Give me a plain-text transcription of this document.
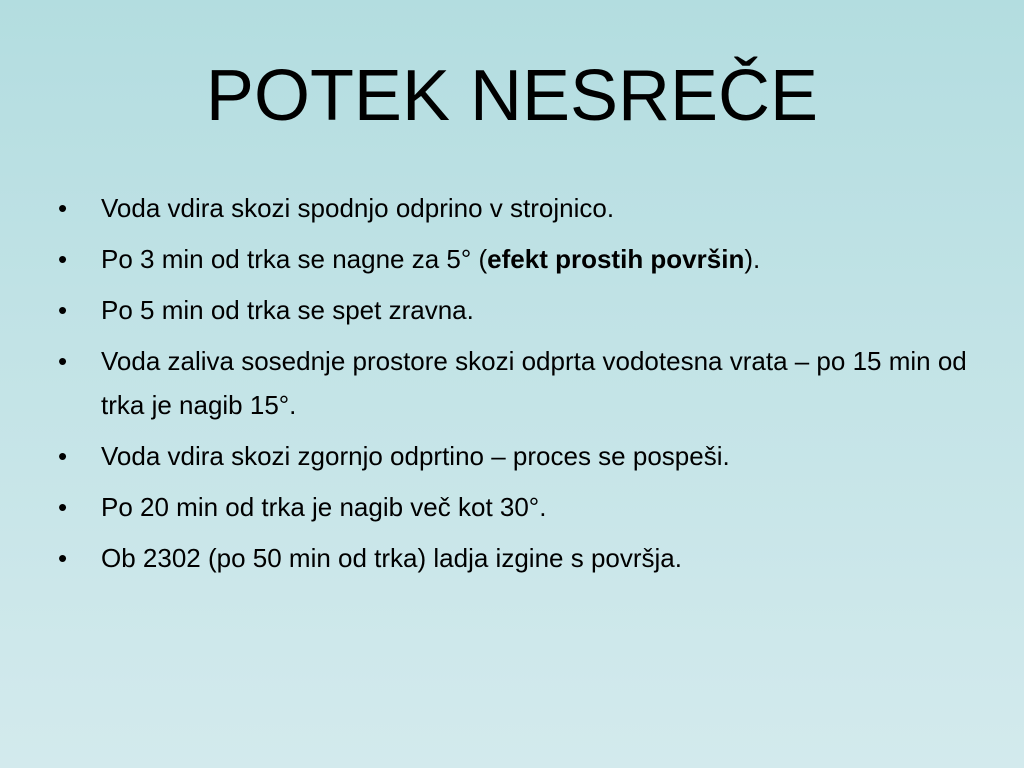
POTEK NESREČE
•	Voda vdira skozi spodnjo odprino v strojnico.
•	Po 3 min od trka se nagne za 5° (efekt prostih površin).
•	Po 5 min od trka se spet zravna.
•	Voda zaliva sosednje prostore skozi odprta vodotesna vrata – po 15 min od trka je nagib 15°.
•	Voda vdira skozi zgornjo odprtino – proces se pospeši.
•	Po 20 min od trka je nagib več kot 30°.
•	Ob 2302 (po 50 min od trka) ladja izgine s površja.
